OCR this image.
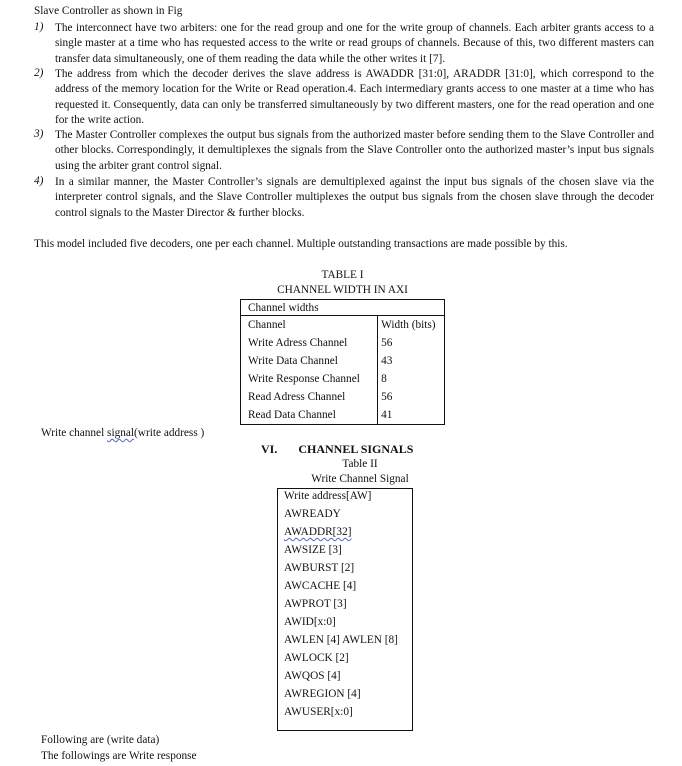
Slave Controller as shown in Fig
1) The interconnect have two arbiters: one for the read group and one for the write group of channels. Each arbiter grants access to a single master at a time who has requested access to the write or read groups of channels. Because of this, two different masters can transfer data simultaneously, one of them reading the data while the other writes it [7].
2) The address from which the decoder derives the slave address is AWADDR [31:0], ARADDR [31:0], which correspond to the address of the memory location for the Write or Read operation.4. Each intermediary grants access to one master at a time who has requested it. Consequently, data can only be transferred simultaneously by two different masters, one for the read operation and one for the write action.
3) The Master Controller complexes the output bus signals from the authorized master before sending them to the Slave Controller and other blocks. Correspondingly, it demultiplexes the signals from the Slave Controller onto the authorized master’s input bus signals using the arbiter grant control signal.
4) In a similar manner, the Master Controller’s signals are demultiplexed against the input bus signals of the chosen slave via the interpreter control signals, and the Slave Controller multiplexes the output bus signals from the chosen slave through the decoder control signals to the Master Director & further blocks.
This model included five decoders, one per each channel. Multiple outstanding transactions are made possible by this.
TABLE I
CHANNEL WIDTH IN AXI
Channel widths	
Channel	Width (bits)
Write Adress Channel	56
Write Data Channel	43
Write Response Channel	8
Read Adress Channel	56
Read Data Channel	41
Write channel signal(write address )
VI. CHANNEL SIGNALS
Table II
Write Channel Signal
Write address[AW]
AWREADY
AWADDR[32]
AWSIZE [3]
AWBURST [2]
AWCACHE [4]
AWPROT [3]
AWID[x:0]
AWLEN [4] AWLEN [8]
AWLOCK [2]
AWQOS [4]
AWREGION [4]
AWUSER[x:0]
Following are (write data)
The followings are Write response
